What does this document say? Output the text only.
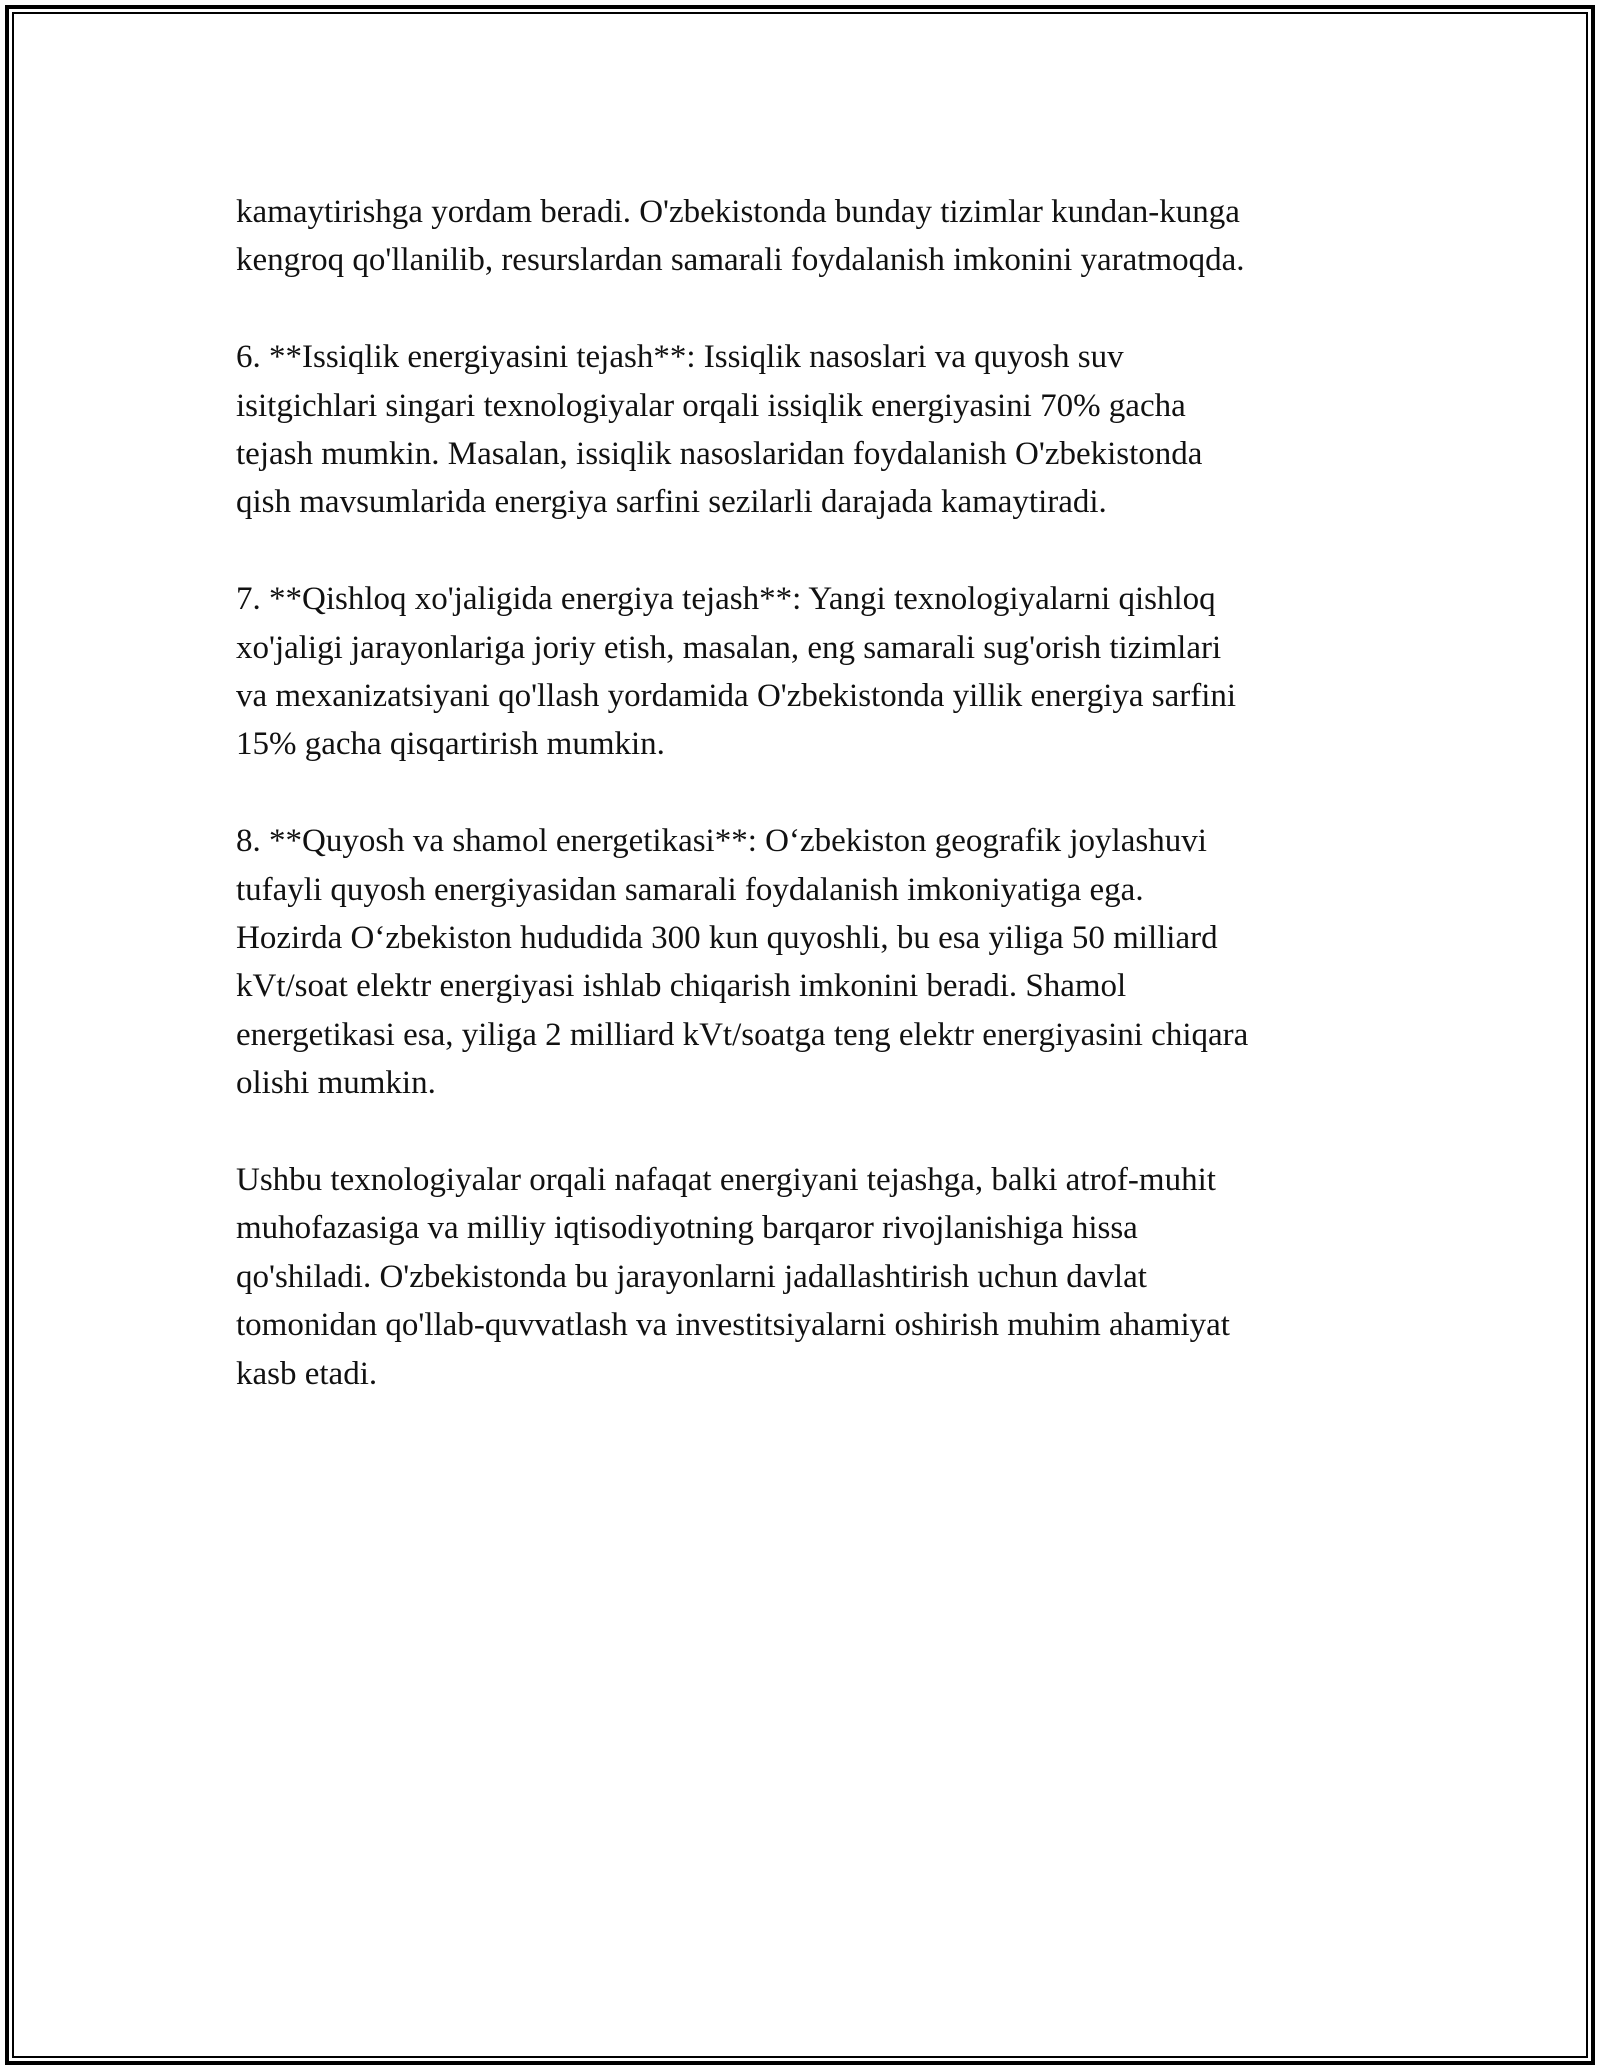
kamaytirishga yordam beradi. O'zbekistonda bunday tizimlar kundan-kunga
kengroq qo'llanilib, resurslardan samarali foydalanish imkonini yaratmoqda.

6. **Issiqlik energiyasini tejash**: Issiqlik nasoslari va quyosh suv
isitgichlari singari texnologiyalar orqali issiqlik energiyasini 70% gacha
tejash mumkin. Masalan, issiqlik nasoslaridan foydalanish O'zbekistonda
qish mavsumlarida energiya sarfini sezilarli darajada kamaytiradi.

7. **Qishloq xo'jaligida energiya tejash**: Yangi texnologiyalarni qishloq
xo'jaligi jarayonlariga joriy etish, masalan, eng samarali sug'orish tizimlari
va mexanizatsiyani qo'llash yordamida O'zbekistonda yillik energiya sarfini
15% gacha qisqartirish mumkin.

8. **Quyosh va shamol energetikasi**: O‘zbekiston geografik joylashuvi
tufayli quyosh energiyasidan samarali foydalanish imkoniyatiga ega.
Hozirda O‘zbekiston hududida 300 kun quyoshli, bu esa yiliga 50 milliard
kVt/soat elektr energiyasi ishlab chiqarish imkonini beradi. Shamol
energetikasi esa, yiliga 2 milliard kVt/soatga teng elektr energiyasini chiqara
olishi mumkin.

Ushbu texnologiyalar orqali nafaqat energiyani tejashga, balki atrof-muhit
muhofazasiga va milliy iqtisodiyotning barqaror rivojlanishiga hissa
qo'shiladi. O'zbekistonda bu jarayonlarni jadallashtirish uchun davlat
tomonidan qo'llab-quvvatlash va investitsiyalarni oshirish muhim ahamiyat
kasb etadi.
